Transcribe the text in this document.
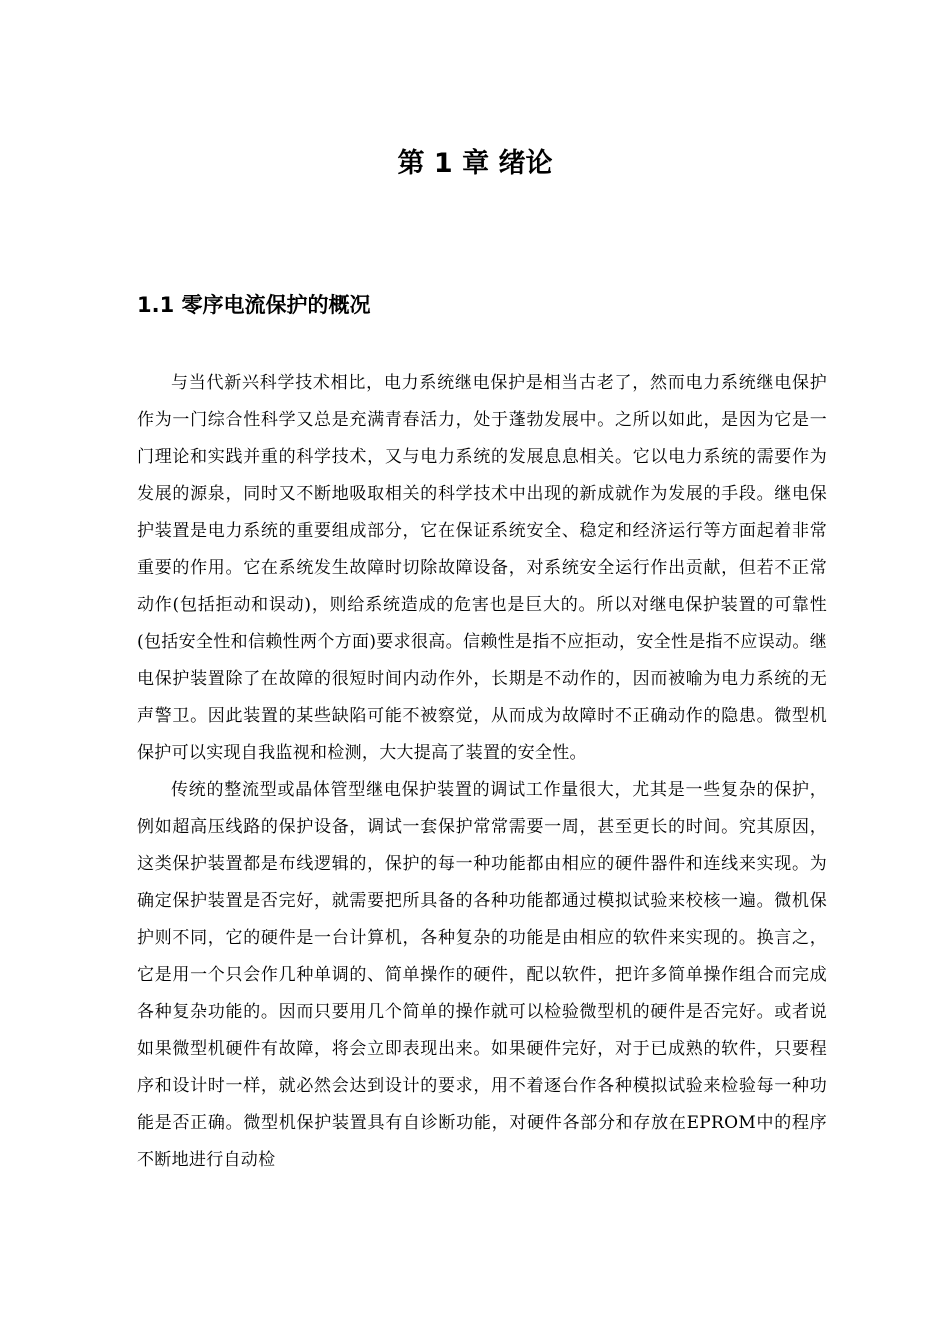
第 1 章 绪论
1.1 零序电流保护的概况

与当代新兴科学技术相比，电力系统继电保护是相当古老了，然而电力系统继电保护作为一门综合性科学又总是充满青春活力，处于蓬勃发展中。之所以如此，是因为它是一门理论和实践并重的科学技术，又与电力系统的发展息息相关。它以电力系统的需要作为发展的源泉，同时又不断地吸取相关的科学技术中出现的新成就作为发展的手段。继电保护装置是电力系统的重要组成部分，它在保证系统安全、稳定和经济运行等方面起着非常重要的作用。它在系统发生故障时切除故障设备，对系统安全运行作出贡献，但若不正常动作(包括拒动和误动)，则给系统造成的危害也是巨大的。所以对继电保护装置的可靠性(包括安全性和信赖性两个方面)要求很高。信赖性是指不应拒动，安全性是指不应误动。继电保护装置除了在故障的很短时间内动作外，长期是不动作的，因而被喻为电力系统的无声警卫。因此装置的某些缺陷可能不被察觉，从而成为故障时不正确动作的隐患。微型机保护可以实现自我监视和检测，大大提高了装置的安全性。

传统的整流型或晶体管型继电保护装置的调试工作量很大，尤其是一些复杂的保护，例如超高压线路的保护设备，调试一套保护常常需要一周，甚至更长的时间。究其原因，这类保护装置都是布线逻辑的，保护的每一种功能都由相应的硬件器件和连线来实现。为确定保护装置是否完好，就需要把所具备的各种功能都通过模拟试验来校核一遍。微机保护则不同，它的硬件是一台计算机，各种复杂的功能是由相应的软件来实现的。换言之，它是用一个只会作几种单调的、简单操作的硬件，配以软件，把许多简单操作组合而完成各种复杂功能的。因而只要用几个简单的操作就可以检验微型机的硬件是否完好。或者说如果微型机硬件有故障，将会立即表现出来。如果硬件完好，对于已成熟的软件，只要程序和设计时一样，就必然会达到设计的要求，用不着逐台作各种模拟试验来检验每一种功能是否正确。微型机保护装置具有自诊断功能，对硬件各部分和存放在EPROM中的程序不断地进行自动检
